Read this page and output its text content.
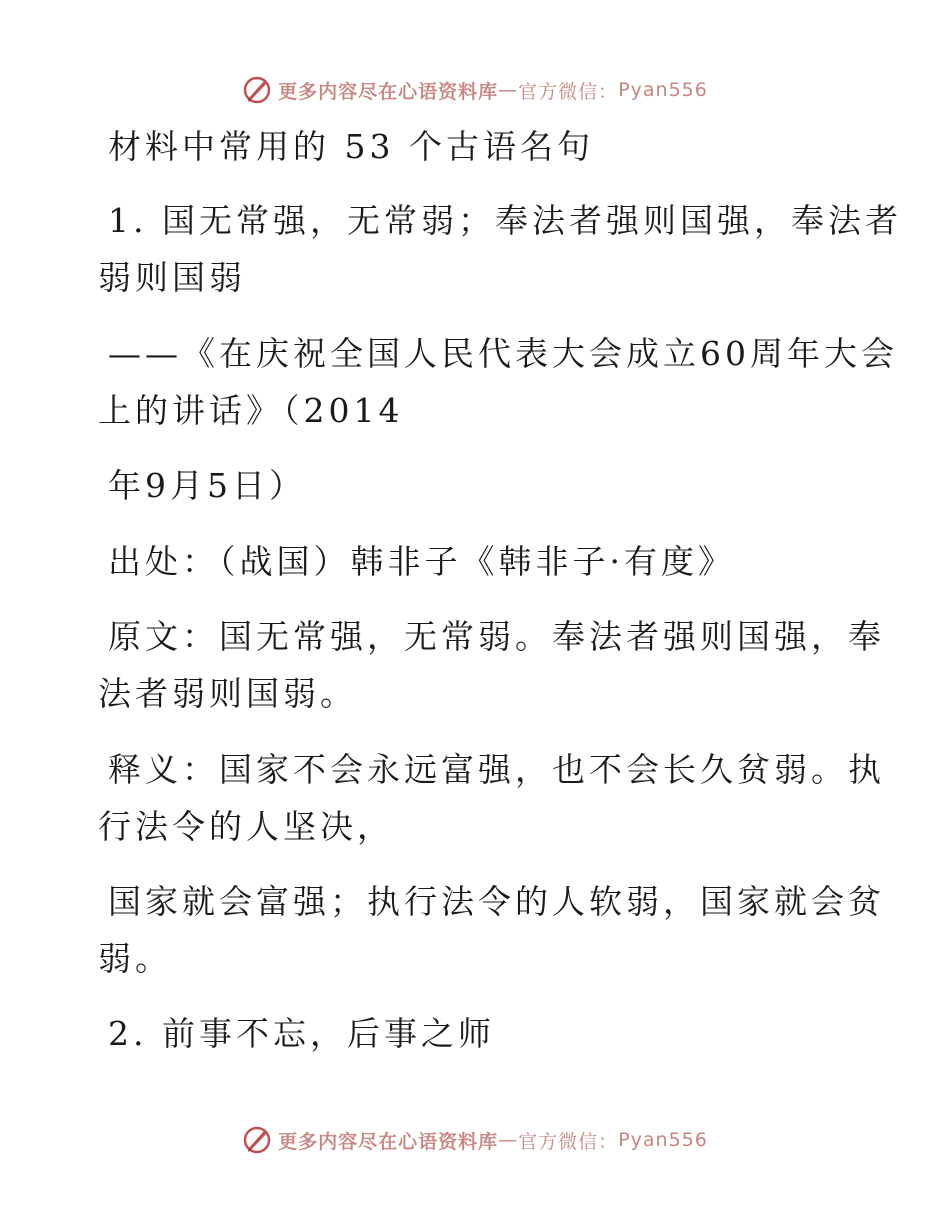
更多内容尽在心语资料库 — 官方微信： Pyan556
材料中常用的 53 个古语名句
1. 国无常强，无常弱；奉法者强则国强，奉法者
弱则国弱
——《在庆祝全国人民代表大会成立60周年大会
上的讲话》（2014
年9月5日）
出处：（战国）韩非子《韩非子·有度》
原文：国无常强，无常弱。奉法者强则国强，奉
法者弱则国弱。
释义：国家不会永远富强，也不会长久贫弱。执
行法令的人坚决，
国家就会富强；执行法令的人软弱，国家就会贫
弱。
2. 前事不忘，后事之师
更多内容尽在心语资料库 — 官方微信： Pyan556
